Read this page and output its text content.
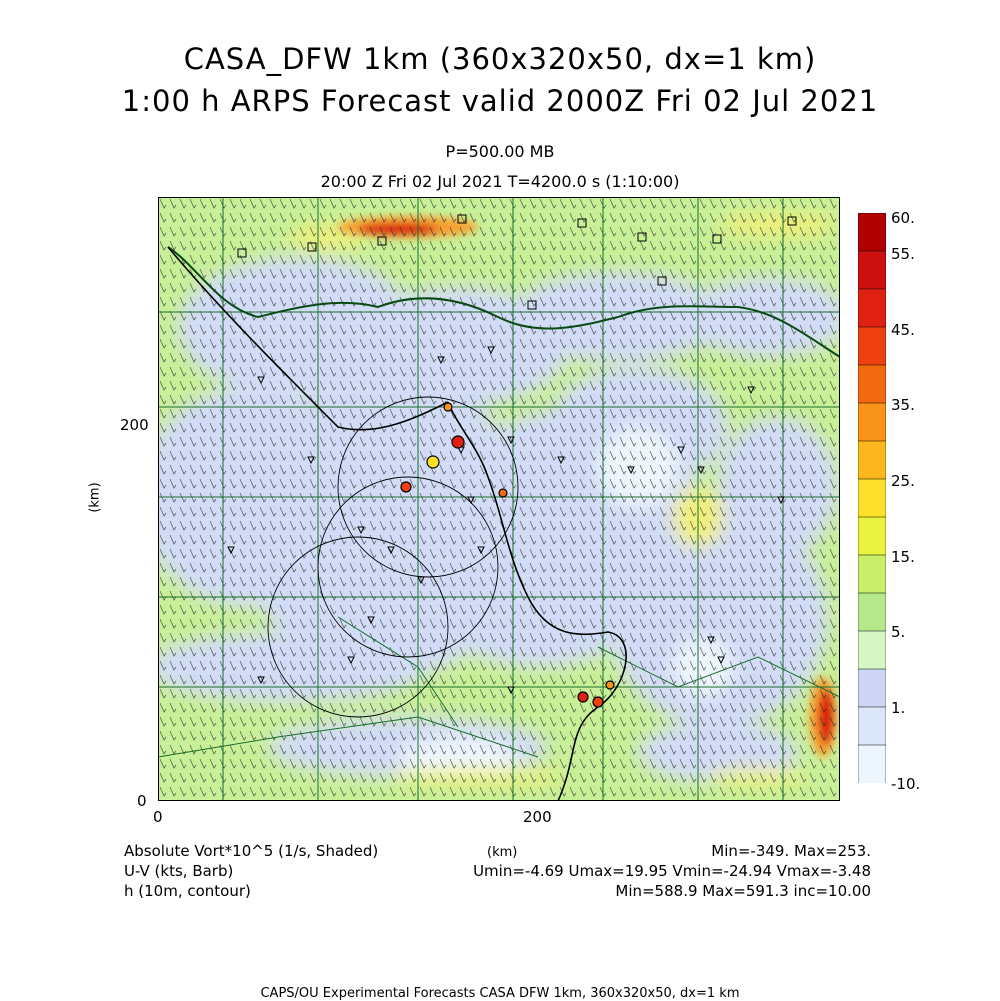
CASA_DFW 1km (360x320x50, dx=1 km)
1:00 h ARPS Forecast valid 2000Z Fri 02 Jul 2021
P=500.00 MB
20:00 Z Fri 02 Jul 2021 T=4200.0 s (1:10:00)
(km)
200
0
0	200
60.
55.
45.
35.
25.
15.
5.
1.
-10.
Absolute Vort*10^5 (1/s, Shaded)
U-V (kts, Barb)
h (10m, contour)
(km)	Min=-349. Max=253.
Umin=-4.69 Umax=19.95 Vmin=-24.94 Vmax=-3.48
Min=588.9 Max=591.3 inc=10.00
CAPS/OU Experimental Forecasts CASA DFW 1km, 360x320x50, dx=1 km
